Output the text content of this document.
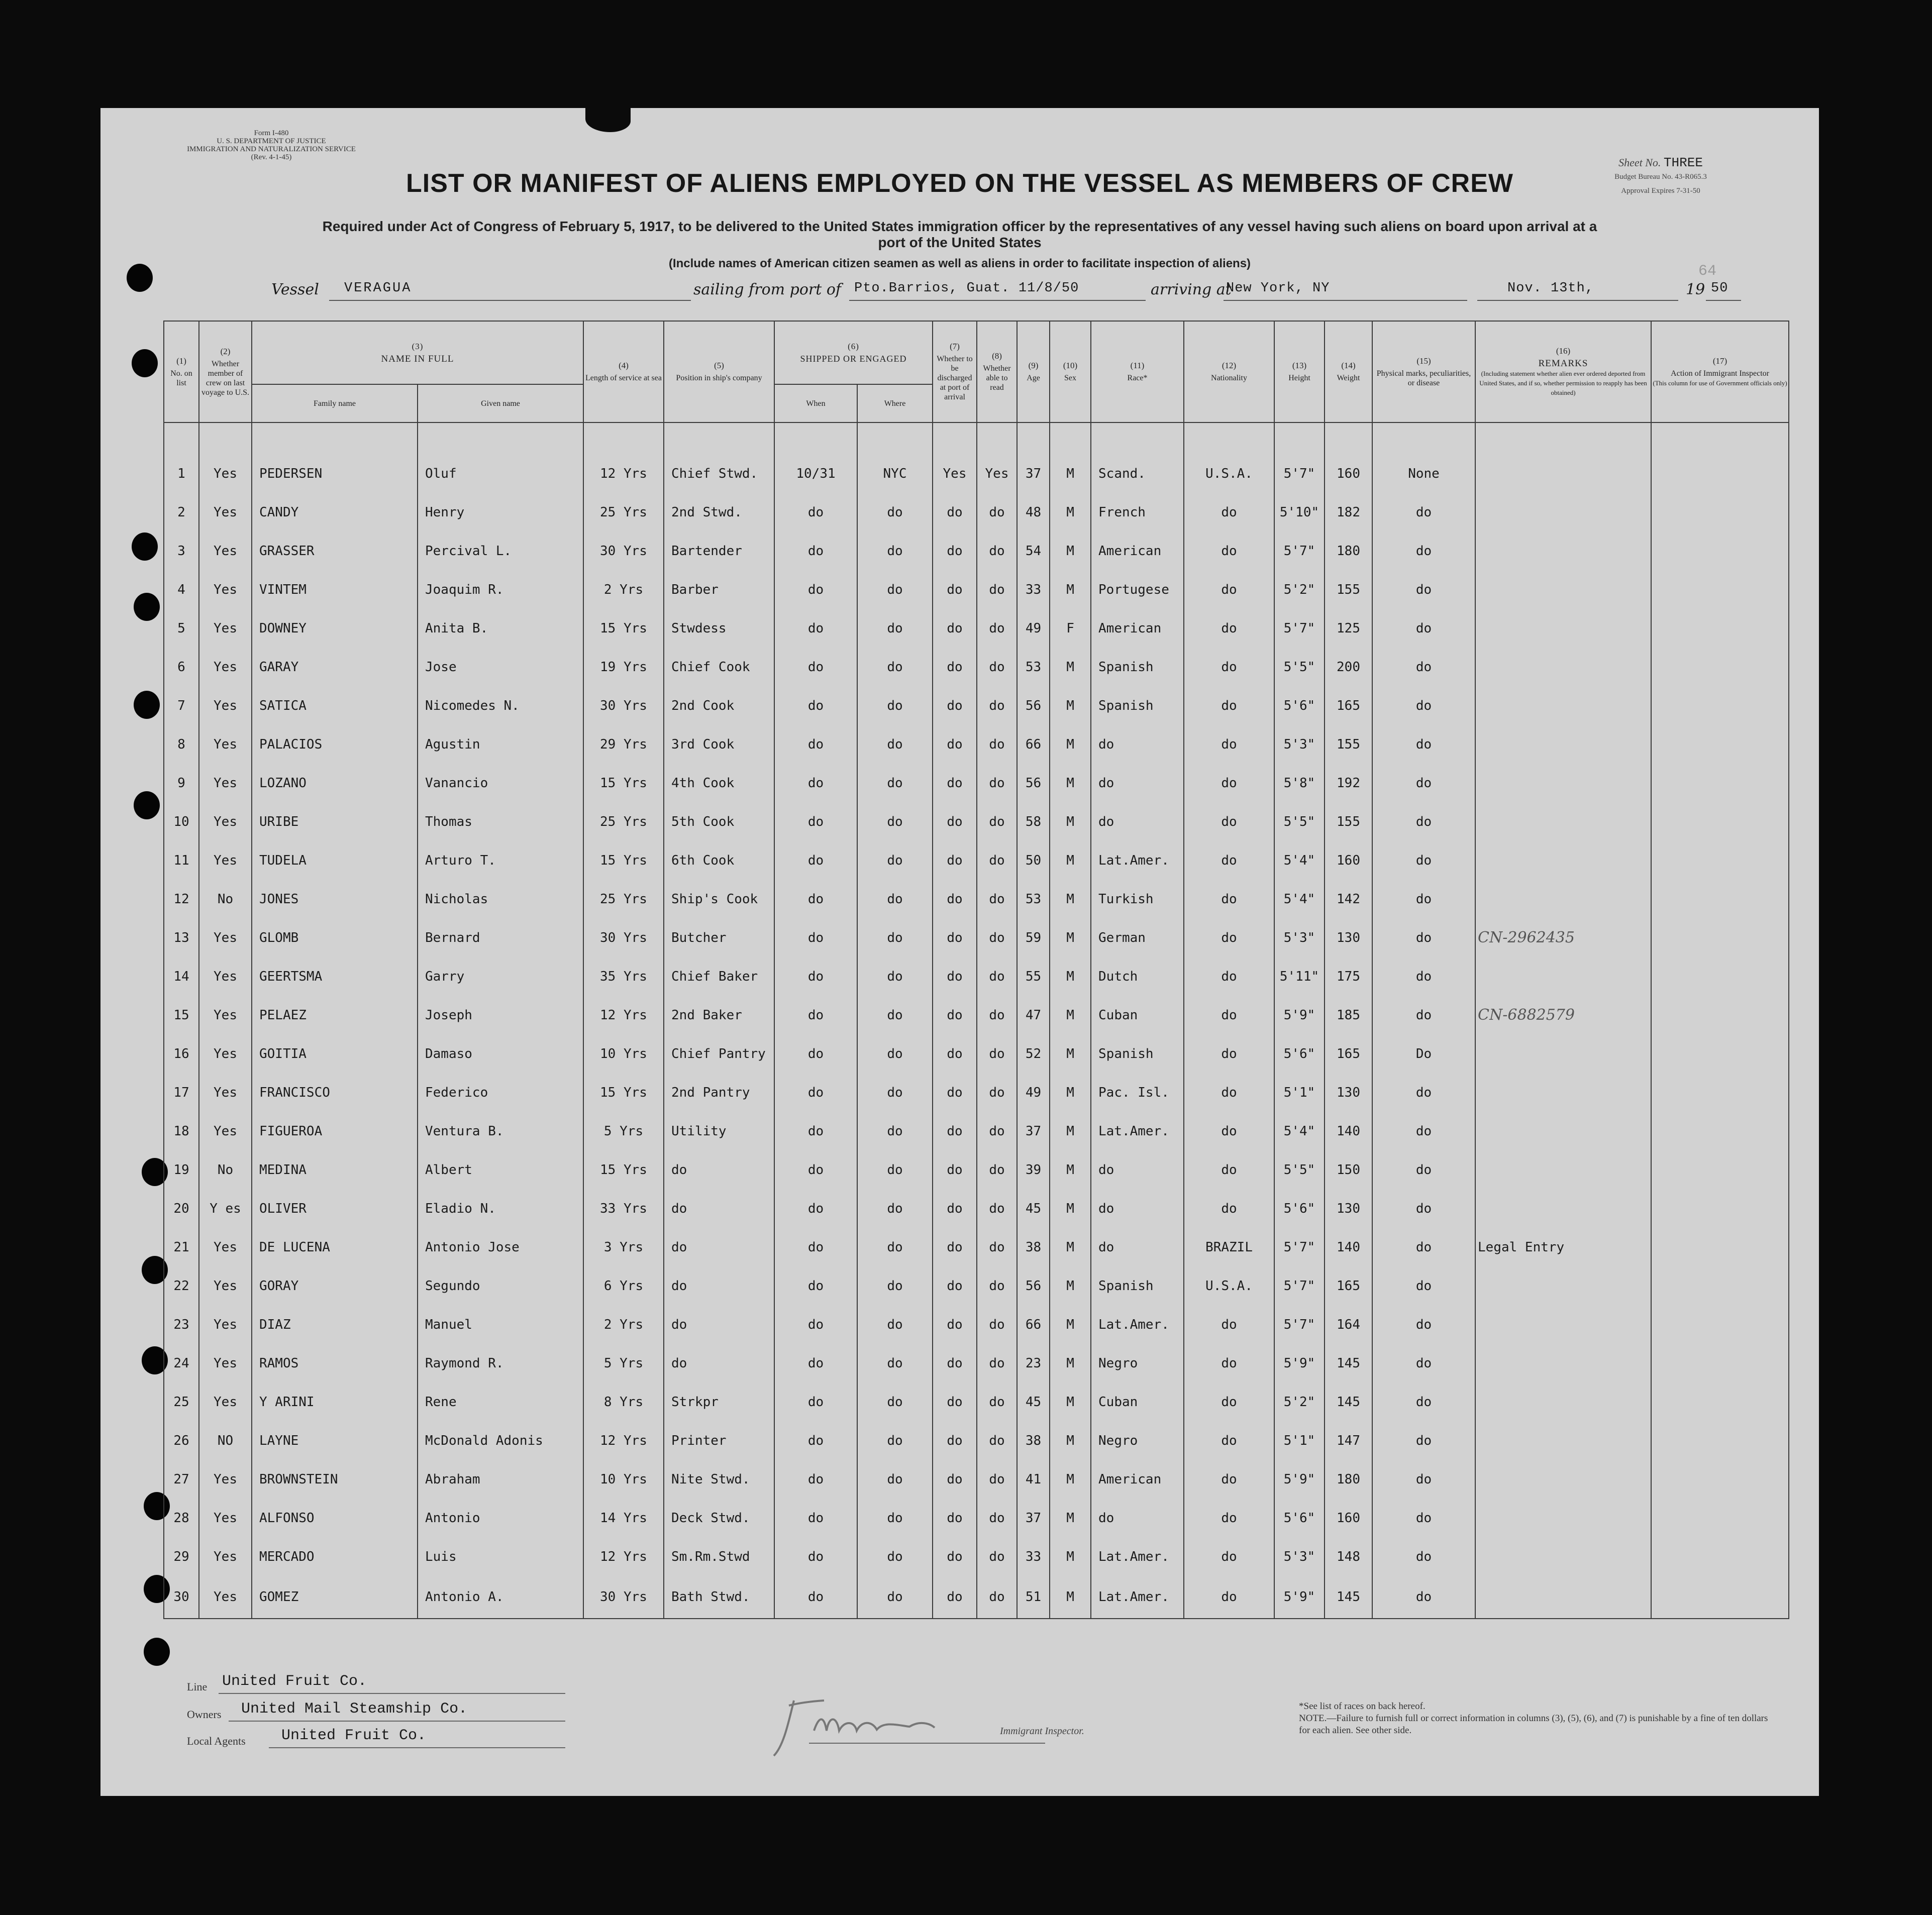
Form I-480
U. S. DEPARTMENT OF JUSTICE
IMMIGRATION AND NATURALIZATION SERVICE
(Rev. 4-1-45)	Sheet No. THREE
Budget Bureau No. 43-R065.3
Approval Expires 7-31-50
64
LIST OR MANIFEST OF ALIENS EMPLOYED ON THE VESSEL AS MEMBERS OF CREW
Required under Act of Congress of February 5, 1917, to be delivered to the United States immigration officer by the representatives of any vessel having such aliens on board upon arrival at a
port of the United States
(Include names of American citizen seamen as well as aliens in order to facilitate inspection of aliens)
Vessel VERAGUA	sailing from port of Pto.Barrios, Guat. 11/8/50	arriving at
New York, NY	Nov. 13th,	19 50
(1)
No. on list	(2)
Whether member of crew on last voyage to U.S.	(3)
NAME IN FULL		(4)
Length of service at sea	(5)
Position in ship's company	(6)
SHIPPED OR ENGAGED		(7)
Whether to be discharged at port of arrival	(8)
Whether able to read	(9)
Age	(10)
Sex	(11)
Race*	(12)
Nationality	(13)
Height	(14)
Weight	(15)
Physical marks, peculiarities, or disease	(16)
REMARKS
(Including statement whether alien ever ordered deported from United States, and if so, whether permission to reapply has been obtained)	(17)
Action of Immigrant Inspector
(This column for use of Government officials only)
		Family name	Given name			When	Where											

1	Yes	PEDERSEN	Oluf	12 Yrs	Chief Stwd.	10/31	NYC	Yes	Yes	37	M	Scand.	U.S.A.	5'7"	160	None		
2	Yes	CANDY	Henry	25 Yrs	2nd Stwd.	do	do	do	do	48	M	French	do	5'10"	182	do		
3	Yes	GRASSER	Percival L.	30 Yrs	Bartender	do	do	do	do	54	M	American	do	5'7"	180	do		
4	Yes	VINTEM	Joaquim R.	2 Yrs	Barber	do	do	do	do	33	M	Portugese	do	5'2"	155	do		
5	Yes	DOWNEY	Anita B.	15 Yrs	Stwdess	do	do	do	do	49	F	American	do	5'7"	125	do		
6	Yes	GARAY	Jose	19 Yrs	Chief Cook	do	do	do	do	53	M	Spanish	do	5'5"	200	do		
7	Yes	SATICA	Nicomedes N.	30 Yrs	2nd Cook	do	do	do	do	56	M	Spanish	do	5'6"	165	do		
8	Yes	PALACIOS	Agustin	29 Yrs	3rd Cook	do	do	do	do	66	M	do	do	5'3"	155	do		
9	Yes	LOZANO	Vanancio	15 Yrs	4th Cook	do	do	do	do	56	M	do	do	5'8"	192	do		
10	Yes	URIBE	Thomas	25 Yrs	5th Cook	do	do	do	do	58	M	do	do	5'5"	155	do		
11	Yes	TUDELA	Arturo T.	15 Yrs	6th Cook	do	do	do	do	50	M	Lat.Amer.	do	5'4"	160	do		
12	No	JONES	Nicholas	25 Yrs	Ship's Cook	do	do	do	do	53	M	Turkish	do	5'4"	142	do		
13	Yes	GLOMB	Bernard	30 Yrs	Butcher	do	do	do	do	59	M	German	do	5'3"	130	do	CN-2962435	
14	Yes	GEERTSMA	Garry	35 Yrs	Chief Baker	do	do	do	do	55	M	Dutch	do	5'11"	175	do		
15	Yes	PELAEZ	Joseph	12 Yrs	2nd Baker	do	do	do	do	47	M	Cuban	do	5'9"	185	do	CN-6882579	
16	Yes	GOITIA	Damaso	10 Yrs	Chief Pantry	do	do	do	do	52	M	Spanish	do	5'6"	165	Do		
17	Yes	FRANCISCO	Federico	15 Yrs	2nd Pantry	do	do	do	do	49	M	Pac. Isl.	do	5'1"	130	do		
18	Yes	FIGUEROA	Ventura B.	5 Yrs	Utility	do	do	do	do	37	M	Lat.Amer.	do	5'4"	140	do		
19	No	MEDINA	Albert	15 Yrs	do	do	do	do	do	39	M	do	do	5'5"	150	do		
20	Y es	OLIVER	Eladio N.	33 Yrs	do	do	do	do	do	45	M	do	do	5'6"	130	do		
21	Yes	DE LUCENA	Antonio Jose	3 Yrs	do	do	do	do	do	38	M	do	BRAZIL	5'7"	140	do	Legal Entry	
22	Yes	GORAY	Segundo	6 Yrs	do	do	do	do	do	56	M	Spanish	U.S.A.	5'7"	165	do		
23	Yes	DIAZ	Manuel	2 Yrs	do	do	do	do	do	66	M	Lat.Amer.	do	5'7"	164	do		
24	Yes	RAMOS	Raymond R.	5 Yrs	do	do	do	do	do	23	M	Negro	do	5'9"	145	do		
25	Yes	Y ARINI	Rene	8 Yrs	Strkpr	do	do	do	do	45	M	Cuban	do	5'2"	145	do		
26	NO	LAYNE	McDonald Adonis	12 Yrs	Printer	do	do	do	do	38	M	Negro	do	5'1"	147	do		
27	Yes	BROWNSTEIN	Abraham	10 Yrs	Nite Stwd.	do	do	do	do	41	M	American	do	5'9"	180	do		
28	Yes	ALFONSO	Antonio	14 Yrs	Deck Stwd.	do	do	do	do	37	M	do	do	5'6"	160	do		
29	Yes	MERCADO	Luis	12 Yrs	Sm.Rm.Stwd	do	do	do	do	33	M	Lat.Amer.	do	5'3"	148	do		
30	Yes	GOMEZ	Antonio A.	30 Yrs	Bath Stwd.	do	do	do	do	51	M	Lat.Amer.	do	5'9"	145	do		
Line United Fruit Co.
Owners United Mail Steamship Co.
Local Agents United Fruit Co.	Immigrant Inspector.
*See list of races on back hereof.
NOTE.—Failure to furnish full or correct information in columns (3), (5), (6), and (7) is punishable by a fine of ten dollars for each alien. See other side.
